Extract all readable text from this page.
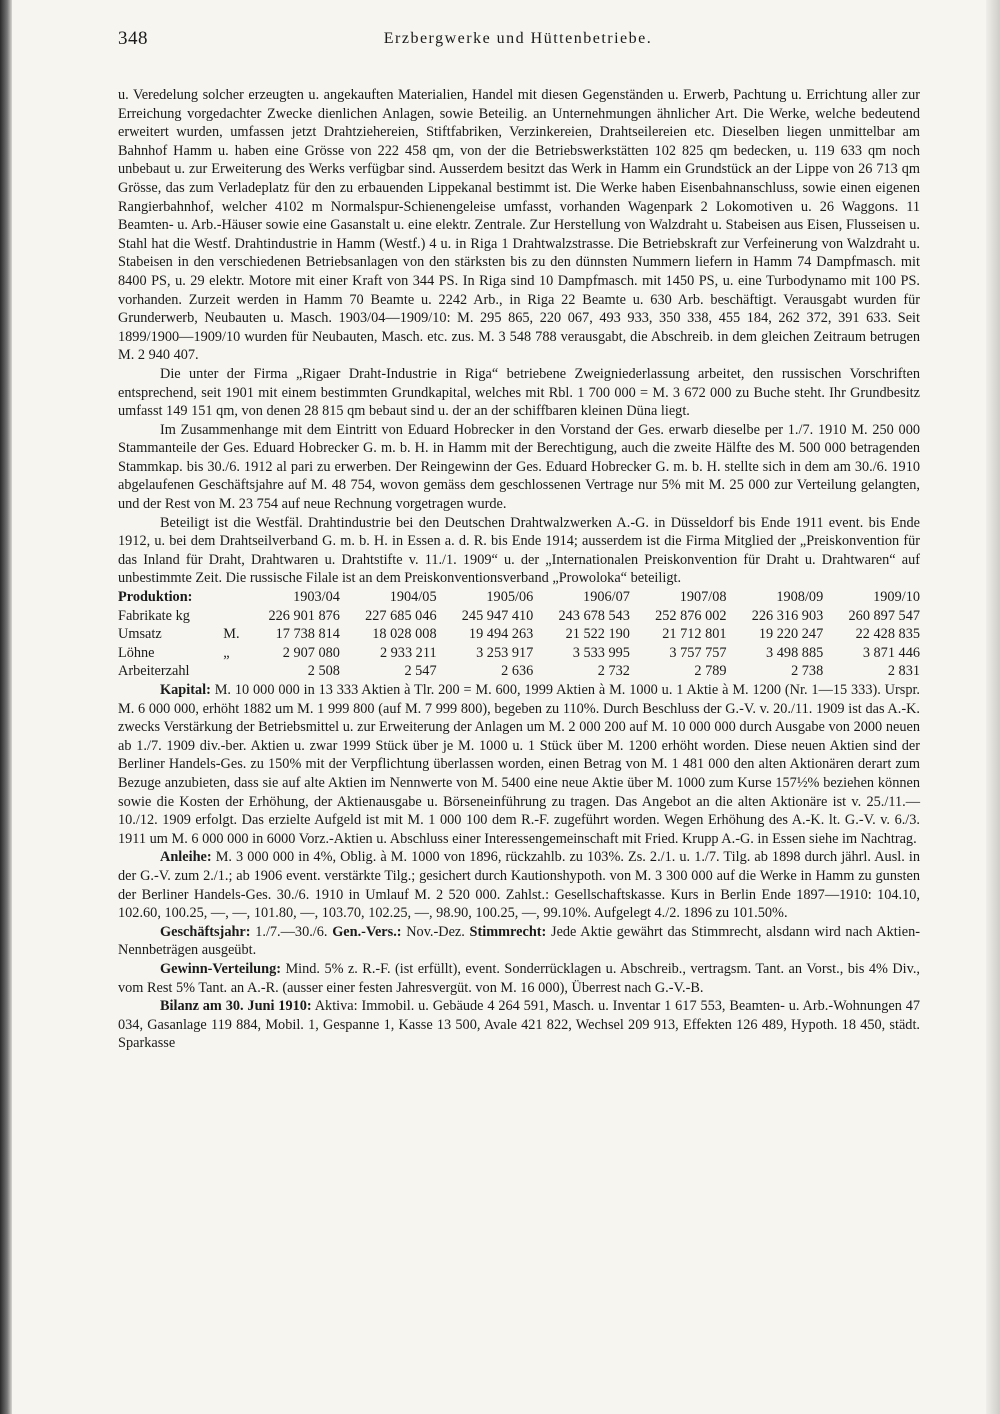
348	Erzbergwerke und Hüttenbetriebe.

u. Veredelung solcher erzeugten u. angekauften Materialien, Handel mit diesen Gegenständen u. Erwerb, Pachtung u. Errichtung aller zur Erreichung vorgedachter Zwecke dienlichen Anlagen, sowie Beteilig. an Unternehmungen ähnlicher Art. Die Werke, welche bedeutend erweitert wurden, umfassen jetzt Drahtziehereien, Stiftfabriken, Verzinkereien, Drahtseilereien etc. Dieselben liegen unmittelbar am Bahnhof Hamm u. haben eine Grösse von 222 458 qm, von der die Betriebswerkstätten 102 825 qm bedecken, u. 119 633 qm noch unbebaut u. zur Erweiterung des Werks verfügbar sind. Ausserdem besitzt das Werk in Hamm ein Grundstück an der Lippe von 26 713 qm Grösse, das zum Verladeplatz für den zu erbauenden Lippekanal bestimmt ist. Die Werke haben Eisenbahnanschluss, sowie einen eigenen Rangierbahnhof, welcher 4102 m Normalspur-Schienengeleise umfasst, vorhanden Wagenpark 2 Lokomotiven u. 26 Waggons. 11 Beamten- u. Arb.-Häuser sowie eine Gasanstalt u. eine elektr. Zentrale. Zur Herstellung von Walzdraht u. Stabeisen aus Eisen, Flusseisen u. Stahl hat die Westf. Drahtindustrie in Hamm (Westf.) 4 u. in Riga 1 Drahtwalzstrasse. Die Betriebskraft zur Verfeinerung von Walzdraht u. Stabeisen in den verschiedenen Betriebsanlagen von den stärksten bis zu den dünnsten Nummern liefern in Hamm 74 Dampfmasch. mit 8400 PS, u. 29 elektr. Motore mit einer Kraft von 344 PS. In Riga sind 10 Dampfmasch. mit 1450 PS, u. eine Turbodynamo mit 100 PS. vorhanden. Zurzeit werden in Hamm 70 Beamte u. 2242 Arb., in Riga 22 Beamte u. 630 Arb. beschäftigt. Verausgabt wurden für Grunderwerb, Neubauten u. Masch. 1903/04—1909/10: M. 295 865, 220 067, 493 933, 350 338, 455 184, 262 372, 391 633. Seit 1899/1900—1909/10 wurden für Neubauten, Masch. etc. zus. M. 3 548 788 verausgabt, die Abschreib. in dem gleichen Zeitraum betrugen M. 2 940 407.

Die unter der Firma „Rigaer Draht-Industrie in Riga“ betriebene Zweigniederlassung arbeitet, den russischen Vorschriften entsprechend, seit 1901 mit einem bestimmten Grundkapital, welches mit Rbl. 1 700 000 = M. 3 672 000 zu Buche steht. Ihr Grundbesitz umfasst 149 151 qm, von denen 28 815 qm bebaut sind u. der an der schiffbaren kleinen Düna liegt.

Im Zusammenhange mit dem Eintritt von Eduard Hobrecker in den Vorstand der Ges. erwarb dieselbe per 1./7. 1910 M. 250 000 Stammanteile der Ges. Eduard Hobrecker G. m. b. H. in Hamm mit der Berechtigung, auch die zweite Hälfte des M. 500 000 betragenden Stammkap. bis 30./6. 1912 al pari zu erwerben. Der Reingewinn der Ges. Eduard Hobrecker G. m. b. H. stellte sich in dem am 30./6. 1910 abgelaufenen Geschäftsjahre auf M. 48 754, wovon gemäss dem geschlossenen Vertrage nur 5% mit M. 25 000 zur Verteilung gelangten, und der Rest von M. 23 754 auf neue Rechnung vorgetragen wurde.

Beteiligt ist die Westfäl. Drahtindustrie bei den Deutschen Drahtwalzwerken A.-G. in Düsseldorf bis Ende 1911 event. bis Ende 1912, u. bei dem Drahtseilverband G. m. b. H. in Essen a. d. R. bis Ende 1914; ausserdem ist die Firma Mitglied der „Preiskonvention für das Inland für Draht, Drahtwaren u. Drahtstifte v. 11./1. 1909“ u. der „Internationalen Preiskonvention für Draht u. Drahtwaren“ auf unbestimmte Zeit. Die russische Filale ist an dem Preiskonventionsverband „Prowoloka“ beteiligt.

Produktion:		1903/04	1904/05	1905/06	1906/07	1907/08	1908/09	1909/10
Fabrikate kg		226 901 876	227 685 046	245 947 410	243 678 543	252 876 002	226 316 903	260 897 547
Umsatz	M.	17 738 814	18 028 008	19 494 263	21 522 190	21 712 801	19 220 247	22 428 835
Löhne	„	2 907 080	2 933 211	3 253 917	3 533 995	3 757 757	3 498 885	3 871 446
Arbeiterzahl		2 508	2 547	2 636	2 732	2 789	2 738	2 831

Kapital: M. 10 000 000 in 13 333 Aktien à Tlr. 200 = M. 600, 1999 Aktien à M. 1000 u. 1 Aktie à M. 1200 (Nr. 1—15 333). Urspr. M. 6 000 000, erhöht 1882 um M. 1 999 800 (auf M. 7 999 800), begeben zu 110%. Durch Beschluss der G.-V. v. 20./11. 1909 ist das A.-K. zwecks Verstärkung der Betriebsmittel u. zur Erweiterung der Anlagen um M. 2 000 200 auf M. 10 000 000 durch Ausgabe von 2000 neuen ab 1./7. 1909 div.-ber. Aktien u. zwar 1999 Stück über je M. 1000 u. 1 Stück über M. 1200 erhöht worden. Diese neuen Aktien sind der Berliner Handels-Ges. zu 150% mit der Verpflichtung überlassen worden, einen Betrag von M. 1 481 000 den alten Aktionären derart zum Bezuge anzubieten, dass sie auf alte Aktien im Nennwerte von M. 5400 eine neue Aktie über M. 1000 zum Kurse 157½% beziehen können sowie die Kosten der Erhöhung, der Aktienausgabe u. Börseneinführung zu tragen. Das Angebot an die alten Aktionäre ist v. 25./11.—10./12. 1909 erfolgt. Das erzielte Aufgeld ist mit M. 1 000 100 dem R.-F. zugeführt worden. Wegen Erhöhung des A.-K. lt. G.-V. v. 6./3. 1911 um M. 6 000 000 in 6000 Vorz.-Aktien u. Abschluss einer Interessengemeinschaft mit Fried. Krupp A.-G. in Essen siehe im Nachtrag.

Anleihe: M. 3 000 000 in 4%, Oblig. à M. 1000 von 1896, rückzahlb. zu 103%. Zs. 2./1. u. 1./7. Tilg. ab 1898 durch jährl. Ausl. in der G.-V. zum 2./1.; ab 1906 event. verstärkte Tilg.; gesichert durch Kautionshypoth. von M. 3 300 000 auf die Werke in Hamm zu gunsten der Berliner Handels-Ges. 30./6. 1910 in Umlauf M. 2 520 000. Zahlst.: Gesellschaftskasse. Kurs in Berlin Ende 1897—1910: 104.10, 102.60, 100.25, —, —, 101.80, —, 103.70, 102.25, —, 98.90, 100.25, —, 99.10%. Aufgelegt 4./2. 1896 zu 101.50%.

Geschäftsjahr: 1./7.—30./6. Gen.-Vers.: Nov.-Dez. Stimmrecht: Jede Aktie gewährt das Stimmrecht, alsdann wird nach Aktien-Nennbeträgen ausgeübt.

Gewinn-Verteilung: Mind. 5% z. R.-F. (ist erfüllt), event. Sonderrücklagen u. Abschreib., vertragsm. Tant. an Vorst., bis 4% Div., vom Rest 5% Tant. an A.-R. (ausser einer festen Jahresvergüt. von M. 16 000), Überrest nach G.-V.-B.

Bilanz am 30. Juni 1910: Aktiva: Immobil. u. Gebäude 4 264 591, Masch. u. Inventar 1 617 553, Beamten- u. Arb.-Wohnungen 47 034, Gasanlage 119 884, Mobil. 1, Gespanne 1, Kasse 13 500, Avale 421 822, Wechsel 209 913, Effekten 126 489, Hypoth. 18 450, städt. Sparkasse
